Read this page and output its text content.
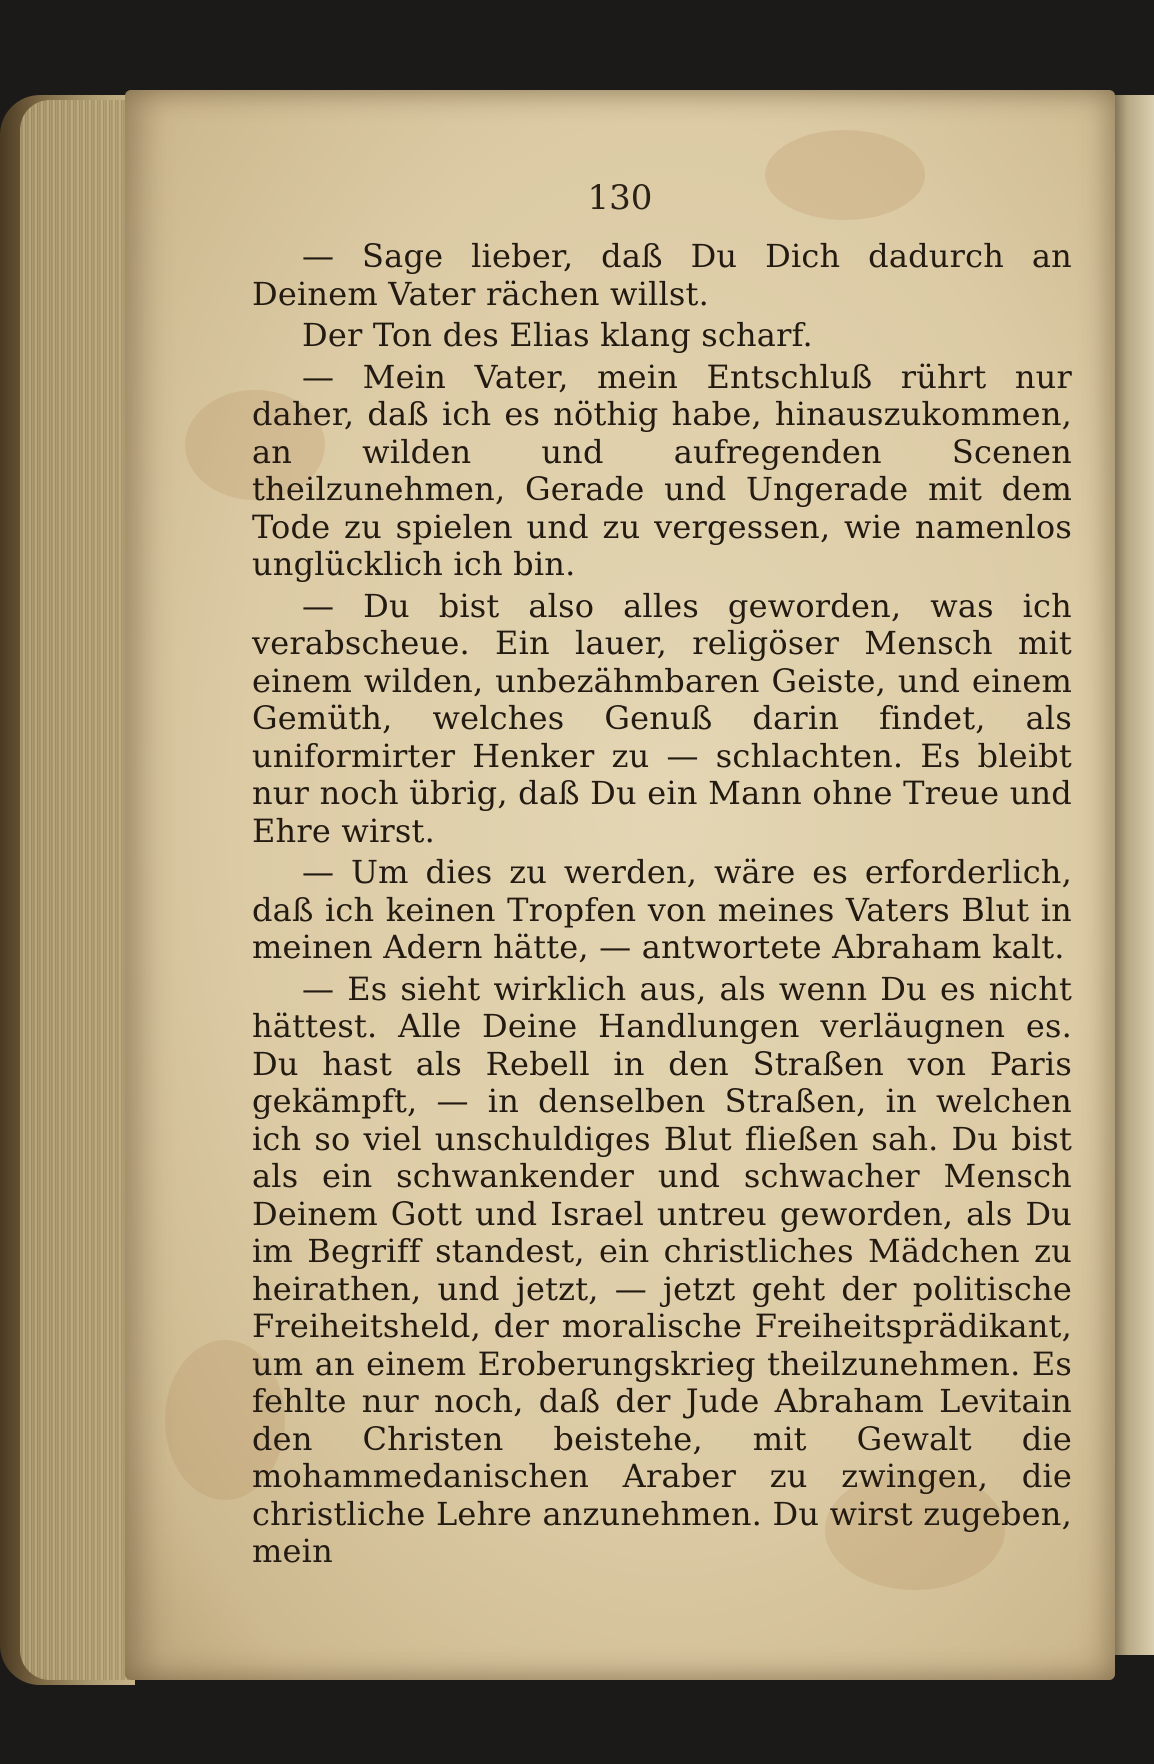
130

— Sage lieber, daß Du Dich dadurch an Deinem Vater rächen willst.

Der Ton des Elias klang scharf.

— Mein Vater, mein Entschluß rührt nur daher, daß ich es nöthig habe, hinauszukommen, an wilden und aufregenden Scenen theilzunehmen, Gerade und Ungerade mit dem Tode zu spielen und zu vergessen, wie namenlos unglücklich ich bin.

— Du bist also alles geworden, was ich verabscheue. Ein lauer, religöser Mensch mit einem wilden, unbezähmbaren Geiste, und einem Gemüth, welches Genuß darin findet, als uniformirter Henker zu — schlachten. Es bleibt nur noch übrig, daß Du ein Mann ohne Treue und Ehre wirst.

— Um dies zu werden, wäre es erforderlich, daß ich keinen Tropfen von meines Vaters Blut in meinen Adern hätte, — antwortete Abraham kalt.

— Es sieht wirklich aus, als wenn Du es nicht hättest. Alle Deine Handlungen verläugnen es. Du hast als Rebell in den Straßen von Paris gekämpft, — in denselben Straßen, in welchen ich so viel unschuldiges Blut fließen sah. Du bist als ein schwankender und schwacher Mensch Deinem Gott und Israel untreu geworden, als Du im Begriff standest, ein christliches Mädchen zu heirathen, und jetzt, — jetzt geht der politische Freiheitsheld, der moralische Freiheitsprädikant, um an einem Eroberungskrieg theilzunehmen. Es fehlte nur noch, daß der Jude Abraham Levitain den Christen beistehe, mit Gewalt die mohammedanischen Araber zu zwingen, die christliche Lehre anzunehmen. Du wirst zugeben, mein
